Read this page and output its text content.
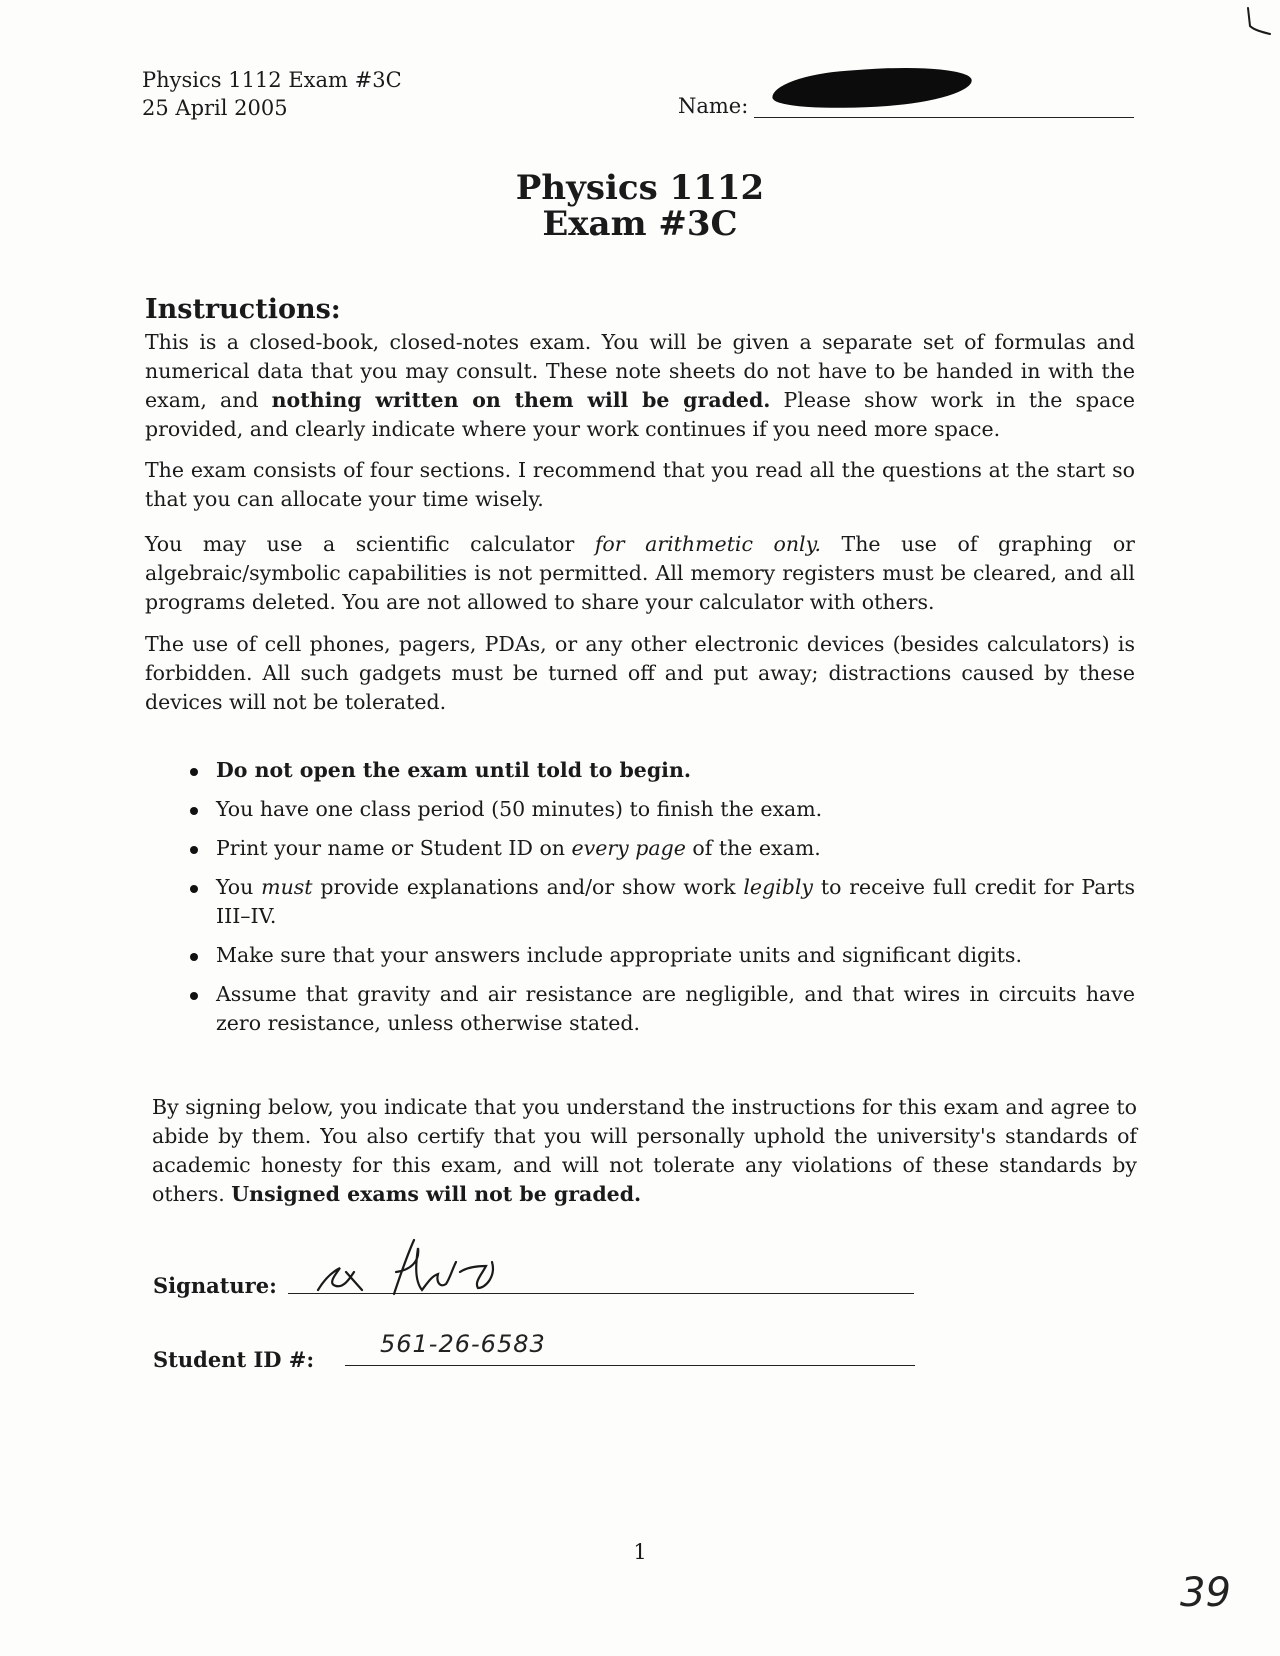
Physics 1112 Exam #3C
25 April 2005	Name:
Physics 1112
Exam #3C
Instructions:
This is a closed-book, closed-notes exam. You will be given a separate set of formulas and numerical data that you may consult. These note sheets do not have to be handed in with the exam, and nothing written on them will be graded. Please show work in the space provided, and clearly indicate where your work continues if you need more space.
The exam consists of four sections. I recommend that you read all the questions at the start so that you can allocate your time wisely.
You may use a scientific calculator for arithmetic only. The use of graphing or algebraic/symbolic capabilities is not permitted. All memory registers must be cleared, and all programs deleted. You are not allowed to share your calculator with others.
The use of cell phones, pagers, PDAs, or any other electronic devices (besides calculators) is forbidden. All such gadgets must be turned off and put away; distractions caused by these devices will not be tolerated.
Do not open the exam until told to begin.
You have one class period (50 minutes) to finish the exam.
Print your name or Student ID on every page of the exam.
You must provide explanations and/or show work legibly to receive full credit for Parts III–IV.
Make sure that your answers include appropriate units and significant digits.
Assume that gravity and air resistance are negligible, and that wires in circuits have zero resistance, unless otherwise stated.
By signing below, you indicate that you understand the instructions for this exam and agree to abide by them. You also certify that you will personally uphold the university's standards of academic honesty for this exam, and will not tolerate any violations of these standards by others. Unsigned exams will not be graded.
Signature:
Student ID #:
561-26-6583
1
39
